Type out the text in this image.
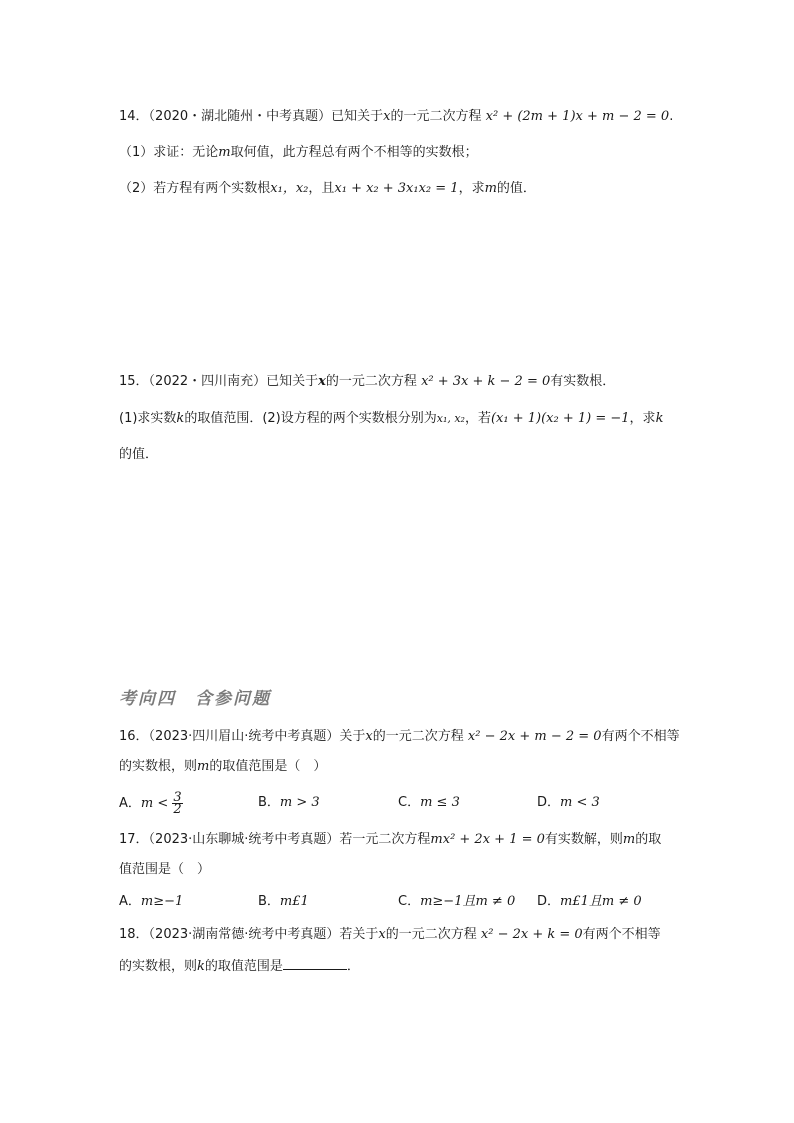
14．（2020・湖北随州・中考真题）已知关于x的一元二次方程 x² + (2m + 1)x + m − 2 = 0.
（1）求证：无论m取何值，此方程总有两个不相等的实数根；
（2）若方程有两个实数根x₁，x₂，且x₁ + x₂ + 3x₁x₂ = 1，求m的值．
15．（2022・四川南充）已知关于x的一元二次方程 x² + 3x + k − 2 = 0有实数根．
(1)求实数k的取值范围．(2)设方程的两个实数根分别为x₁, x₂，若(x₁ + 1)(x₂ + 1) = −1，求k
的值．
考向四　含参问题
16．（2023·四川眉山·统考中考真题）关于x的一元二次方程 x² − 2x + m − 2 = 0有两个不相等
的实数根，则m的取值范围是（　）
A．$m < \frac{3}{2}$	B．m > 3	C．m ≤ 3	D．m < 3
17．（2023·山东聊城·统考中考真题）若一元二次方程mx² + 2x + 1 = 0有实数解，则m的取
值范围是（　）
A．m≥−1	B．m£1	C．m≥−1且m ≠ 0 D．m£1且m ≠ 0
18．（2023·湖南常德·统考中考真题）若关于x的一元二次方程 x² − 2x + k = 0有两个不相等
的实数根，则k的取值范围是	．
